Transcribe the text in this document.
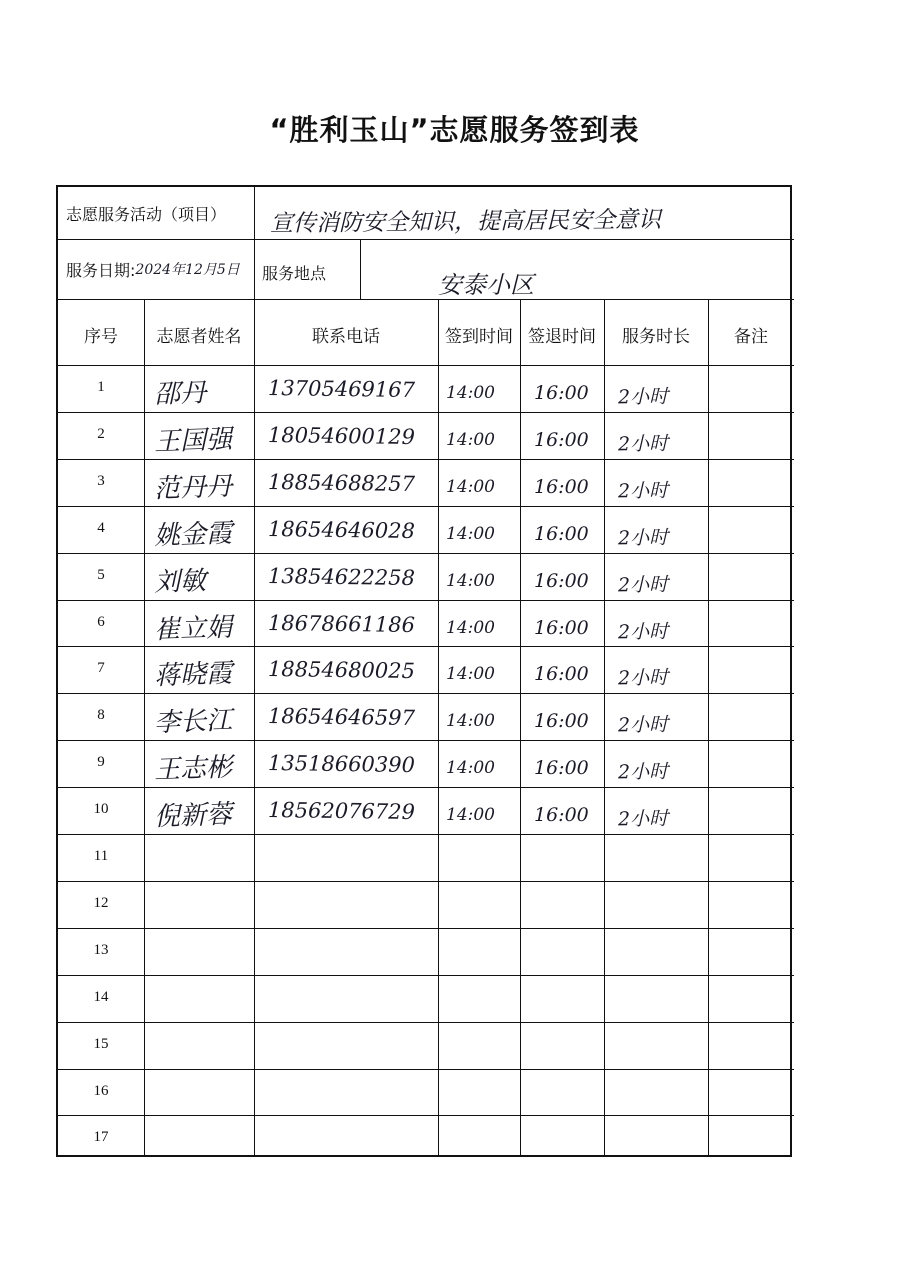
“胜利玉山”志愿服务签到表
志愿服务活动（项目）	宣传消防安全知识，提高居民安全意识
服务日期: 2024年12月5日	服务地点	安泰小区
序号	志愿者姓名	联系电话	签到时间 签退时间	服务时长	备注
1	邵丹	13705469167 14:00 16:00 2小时
2	王国强 18054600129 14:00 16:00 2小时
3	范丹丹 18854688257 14:00 16:00 2小时
4	姚金霞 18654646028 14:00 16:00 2小时
5	刘敏	13854622258 14:00 16:00 2小时
6	崔立娟 18678661186 14:00 16:00 2小时
7	蒋晓霞 18854680025 14:00 16:00 2小时
8	李长江 18654646597 14:00 16:00 2小时
9	王志彬 13518660390 14:00 16:00 2小时
10	倪新蓉 18562076729 14:00 16:00 2小时
11
12
13
14
15
16
17
